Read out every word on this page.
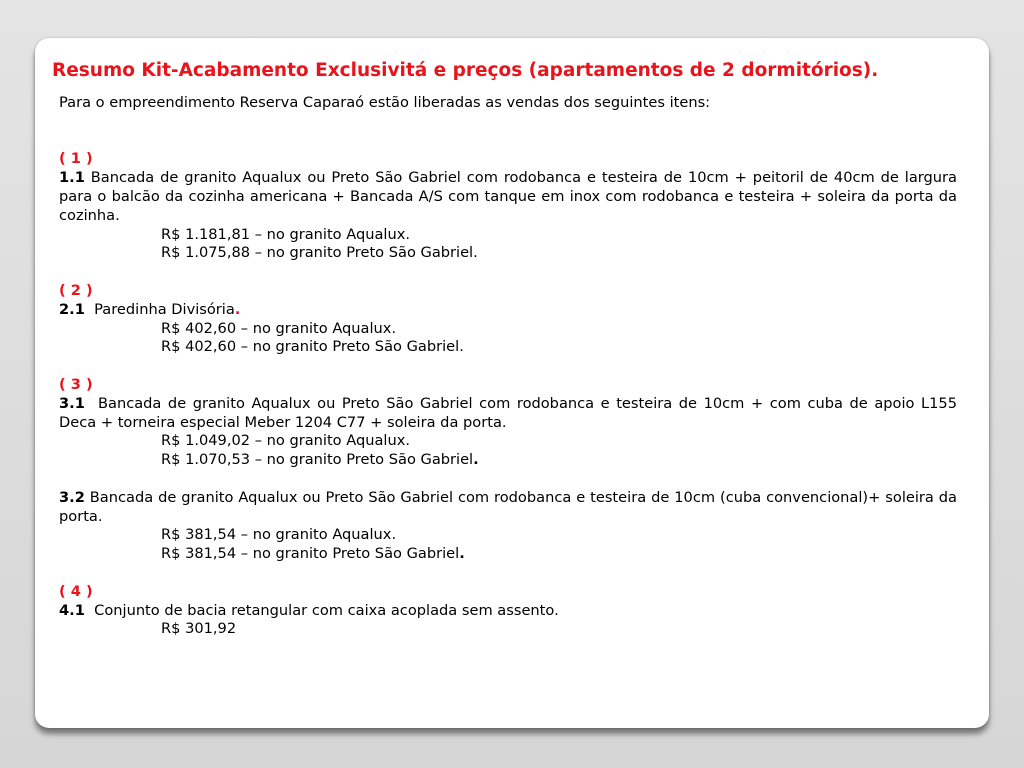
Resumo Kit-Acabamento Exclusivitá e preços (apartamentos de 2 dormitórios).

Para o empreendimento Reserva Caparaó estão liberadas as vendas dos seguintes itens:

( 1 )

1.1 Bancada de granito Aqualux ou Preto São Gabriel com rodobanca e testeira de 10cm + peitoril de 40cm de largura para o balcão da cozinha americana + Bancada A/S com tanque em inox com rodobanca e testeira + soleira da porta da cozinha.

R$ 1.181,81 – no granito Aqualux.

R$ 1.075,88 – no granito Preto São Gabriel.

( 2 )

2.1 Paredinha Divisória.

R$ 402,60 – no granito Aqualux.

R$ 402,60 – no granito Preto São Gabriel.

( 3 )

3.1 Bancada de granito Aqualux ou Preto São Gabriel com rodobanca e testeira de 10cm + com cuba de apoio L155 Deca + torneira especial Meber 1204 C77 + soleira da porta.

R$ 1.049,02 – no granito Aqualux.

R$ 1.070,53 – no granito Preto São Gabriel.

3.2 Bancada de granito Aqualux ou Preto São Gabriel com rodobanca e testeira de 10cm (cuba convencional)+ soleira da porta.

R$ 381,54 – no granito Aqualux.

R$ 381,54 – no granito Preto São Gabriel.

( 4 )

4.1 Conjunto de bacia retangular com caixa acoplada sem assento.

R$ 301,92
